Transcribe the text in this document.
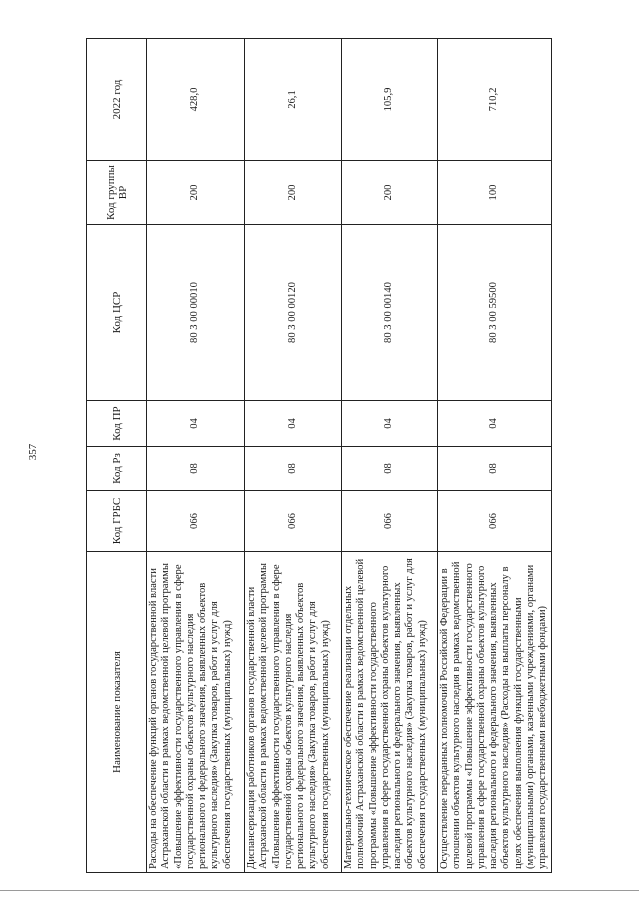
357
Наименование показателя	Код ГРБС	Код Рз	Код ПР	Код ЦСР	Код группы ВР	2022 год
Расходы на обеспечение функций органов государственной власти Астраханской области в рамках ведомственной целевой программы «Повышение эффективности государственного управления в сфере государственной охраны объектов культурного наследия регионального и федерального значения, выявленных объектов культурного наследия» (Закупка товаров, работ и услуг для обеспечения государственных (муниципальных) нужд)	066	08	04	80 3 00 00010	200	428,0
Диспансеризация работников органов государственной власти Астраханской области в рамках ведомственной целевой программы «Повышение эффективности государственного управления в сфере государственной охраны объектов культурного наследия регионального и федерального значения, выявленных объектов культурного наследия» (Закупка товаров, работ и услуг для обеспечения государственных (муниципальных) нужд)	066	08	04	80 3 00 00120	200	26,1
Материально-техническое обеспечение реализации отдельных полномочий Астраханской области в рамках ведомственной целевой программы «Повышение эффективности государственного управления в сфере государственной охраны объектов культурного наследия регионального и федерального значения, выявленных объектов культурного наследия» (Закупка товаров, работ и услуг для обеспечения государственных (муниципальных) нужд)	066	08	04	80 3 00 00140	200	105,9
Осуществление переданных полномочий Российской Федерации в отношении объектов культурного наследия в рамках ведомственной целевой программы «Повышение эффективности государственного управления в сфере государственной охраны объектов культурного наследия регионального и федерального значения, выявленных объектов культурного наследия» (Расходы на выплаты персоналу в целях обеспечения выполнения функций государственными (муниципальными) органами, казенными учреждениями, органами управления государственными внебюджетными фондами)	066	08	04	80 3 00 59500	100	710,2
